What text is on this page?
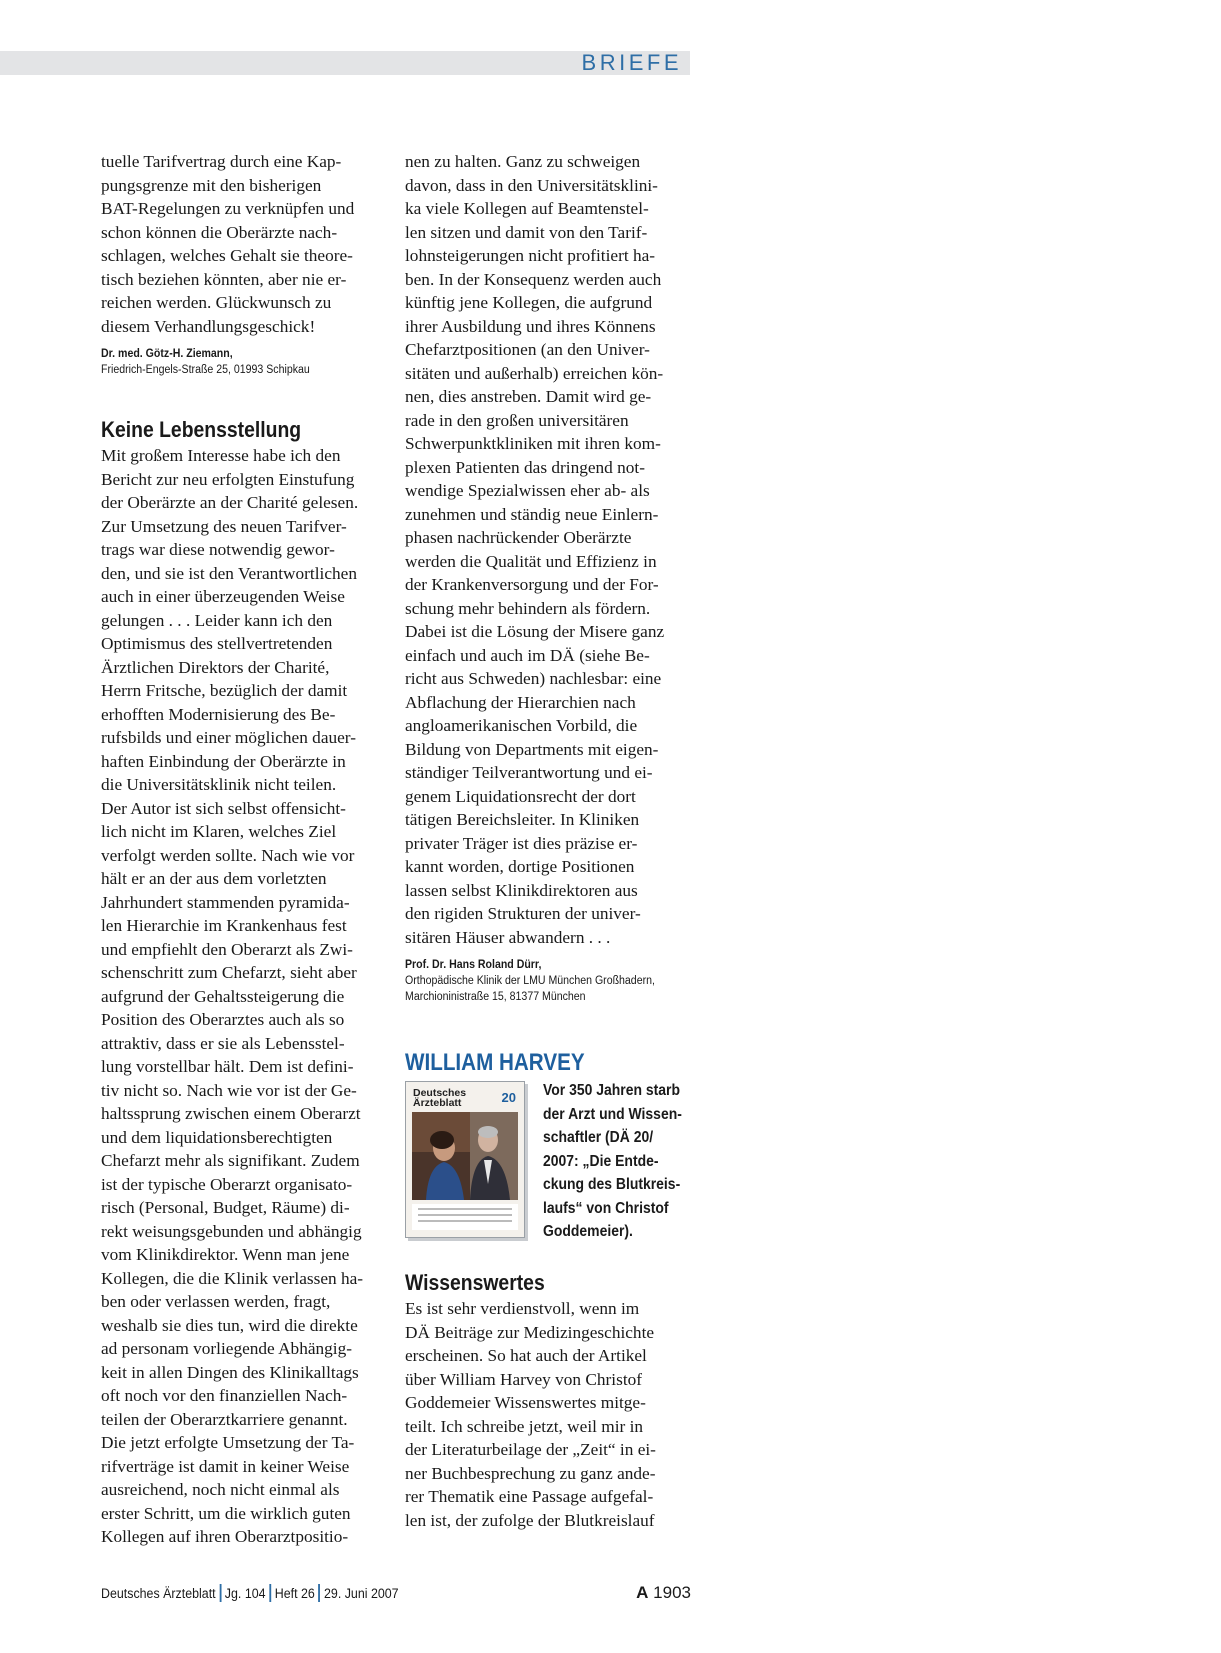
BRIEFE
tuelle Tarifvertrag durch eine Kap-
pungsgrenze mit den bisherigen
BAT-Regelungen zu verknüpfen und
schon können die Oberärzte nach-
schlagen, welches Gehalt sie theore-
tisch beziehen könnten, aber nie er-
reichen werden. Glückwunsch zu
diesem Verhandlungsgeschick!
Dr. med. Götz-H. Ziemann,
Friedrich-Engels-Straße 25, 01993 Schipkau
Keine Lebensstellung
Mit großem Interesse habe ich den
Bericht zur neu erfolgten Einstufung
der Oberärzte an der Charité gelesen.
Zur Umsetzung des neuen Tarifver-
trags war diese notwendig gewor-
den, und sie ist den Verantwortlichen
auch in einer überzeugenden Weise
gelungen . . . Leider kann ich den
Optimismus des stellvertretenden
Ärztlichen Direktors der Charité,
Herrn Fritsche, bezüglich der damit
erhofften Modernisierung des Be-
rufsbilds und einer möglichen dauer-
haften Einbindung der Oberärzte in
die Universitätsklinik nicht teilen.
Der Autor ist sich selbst offensicht-
lich nicht im Klaren, welches Ziel
verfolgt werden sollte. Nach wie vor
hält er an der aus dem vorletzten
Jahrhundert stammenden pyramida-
len Hierarchie im Krankenhaus fest
und empfiehlt den Oberarzt als Zwi-
schenschritt zum Chefarzt, sieht aber
aufgrund der Gehaltssteigerung die
Position des Oberarztes auch als so
attraktiv, dass er sie als Lebensstel-
lung vorstellbar hält. Dem ist defini-
tiv nicht so. Nach wie vor ist der Ge-
haltssprung zwischen einem Oberarzt
und dem liquidationsberechtigten
Chefarzt mehr als signifikant. Zudem
ist der typische Oberarzt organisato-
risch (Personal, Budget, Räume) di-
rekt weisungsgebunden und abhängig
vom Klinikdirektor. Wenn man jene
Kollegen, die die Klinik verlassen ha-
ben oder verlassen werden, fragt,
weshalb sie dies tun, wird die direkte
ad personam vorliegende Abhängig-
keit in allen Dingen des Klinikalltags
oft noch vor den finanziellen Nach-
teilen der Oberarztkarriere genannt.
Die jetzt erfolgte Umsetzung der Ta-
rifverträge ist damit in keiner Weise
ausreichend, noch nicht einmal als
erster Schritt, um die wirklich guten
Kollegen auf ihren Oberarztpositio-
nen zu halten. Ganz zu schweigen
davon, dass in den Universitätsklini-
ka viele Kollegen auf Beamtenstel-
len sitzen und damit von den Tarif-
lohnsteigerungen nicht profitiert ha-
ben. In der Konsequenz werden auch
künftig jene Kollegen, die aufgrund
ihrer Ausbildung und ihres Könnens
Chefarztpositionen (an den Univer-
sitäten und außerhalb) erreichen kön-
nen, dies anstreben. Damit wird ge-
rade in den großen universitären
Schwerpunktkliniken mit ihren kom-
plexen Patienten das dringend not-
wendige Spezialwissen eher ab- als
zunehmen und ständig neue Einlern-
phasen nachrückender Oberärzte
werden die Qualität und Effizienz in
der Krankenversorgung und der For-
schung mehr behindern als fördern.
Dabei ist die Lösung der Misere ganz
einfach und auch im DÄ (siehe Be-
richt aus Schweden) nachlesbar: eine
Abflachung der Hierarchien nach
angloamerikanischen Vorbild, die
Bildung von Departments mit eigen-
ständiger Teilverantwortung und ei-
genem Liquidationsrecht der dort
tätigen Bereichsleiter. In Kliniken
privater Träger ist dies präzise er-
kannt worden, dortige Positionen
lassen selbst Klinikdirektoren aus
den rigiden Strukturen der univer-
sitären Häuser abwandern . . .
Prof. Dr. Hans Roland Dürr,
Orthopädische Klinik der LMU München Großhadern,
Marchioninistraße 15, 81377 München
WILLIAM HARVEY
Deutsches
Ärzteblatt	20 Vor 350 Jahren starb
der Arzt und Wissen-
schaftler (DÄ 20/
2007: „Die Entde-
ckung des Blutkreis-
laufs“ von Christof
Goddemeier).
Wissenswertes
Es ist sehr verdienstvoll, wenn im
DÄ Beiträge zur Medizingeschichte
erscheinen. So hat auch der Artikel
über William Harvey von Christof
Goddemeier Wissenswertes mitge-
teilt. Ich schreibe jetzt, weil mir in
der Literaturbeilage der „Zeit“ in ei-
ner Buchbesprechung zu ganz ande-
rer Thematik eine Passage aufgefal-
len ist, der zufolge der Blutkreislauf
Deutsches Ärzteblatt Jg. 104 Heft 26 29. Juni 2007	A 1903
